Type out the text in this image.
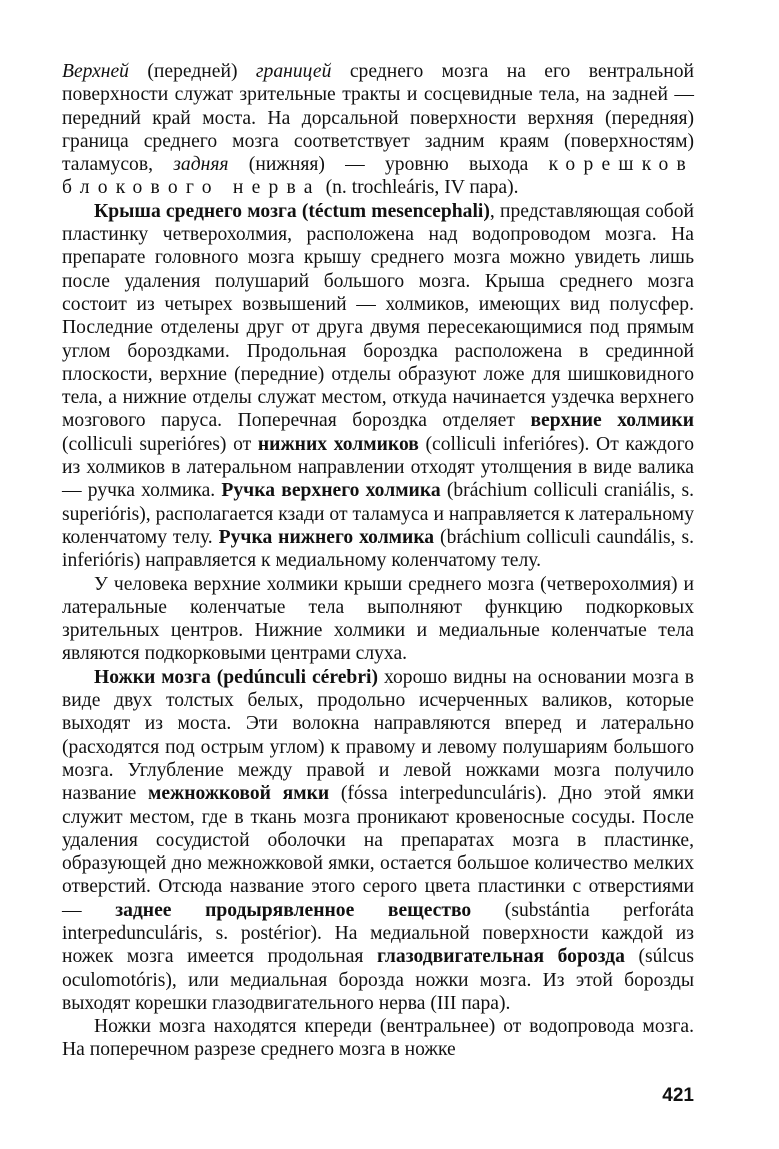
Верхней (передней) границей среднего мозга на его вентральной поверхности служат зрительные тракты и сосцевидные тела, на задней — передний край моста. На дорсальной поверхности верхняя (передняя) граница среднего мозга соответствует задним краям (поверхностям) таламусов, задняя (нижняя) — уровню выхода корешков блокового нерва (n. trochleáris, IV пара).

Крыша среднего мозга (téctum mesencephali), представляющая собой пластинку четверохолмия, расположена над водопроводом мозга. На препарате головного мозга крышу среднего мозга можно увидеть лишь после удаления полушарий большого мозга. Крыша среднего мозга состоит из четырех возвышений — холмиков, имеющих вид полусфер. Последние отделены друг от друга двумя пересекающимися под прямым углом бороздками. Продольная бороздка расположена в срединной плоскости, верхние (передние) отделы образуют ложе для шишковидного тела, а нижние отделы служат местом, откуда начинается уздечка верхнего мозгового паруса. Поперечная бороздка отделяет верхние холмики (colliculi superióres) от нижних холмиков (colliculi inferióres). От каждого из холмиков в латеральном направлении отходят утолщения в виде валика — ручка холмика. Ручка верхнего холмика (bráchium colliculi craniális, s. superióris), располагается кзади от таламуса и направляется к латеральному коленчатому телу. Ручка нижнего холмика (bráchium colliculi caundális, s. inferióris) направляется к медиальному коленчатому телу.

У человека верхние холмики крыши среднего мозга (четверохолмия) и латеральные коленчатые тела выполняют функцию подкорковых зрительных центров. Нижние холмики и медиальные коленчатые тела являются подкорковыми центрами слуха.

Ножки мозга (pedúnculi cérebri) хорошо видны на основании мозга в виде двух толстых белых, продольно исчерченных валиков, которые выходят из моста. Эти волокна направляются вперед и латерально (расходятся под острым углом) к правому и левому полушариям большого мозга. Углубление между правой и левой ножками мозга получило название межножковой ямки (fóssa interpedunculáris). Дно этой ямки служит местом, где в ткань мозга проникают кровеносные сосуды. После удаления сосудистой оболочки на препаратах мозга в пластинке, образующей дно межножковой ямки, остается большое количество мелких отверстий. Отсюда название этого серого цвета пластинки с отверстиями — заднее продырявленное вещество (substántia perforáta interpedunculáris, s. postérior). На медиальной поверхности каждой из ножек мозга имеется продольная глазодвигательная борозда (súlcus oculomotóris), или медиальная борозда ножки мозга. Из этой борозды выходят корешки глазодвигательного нерва (III пара).

Ножки мозга находятся кпереди (вентральнее) от водопровода мозга. На поперечном разрезе среднего мозга в ножке

421
